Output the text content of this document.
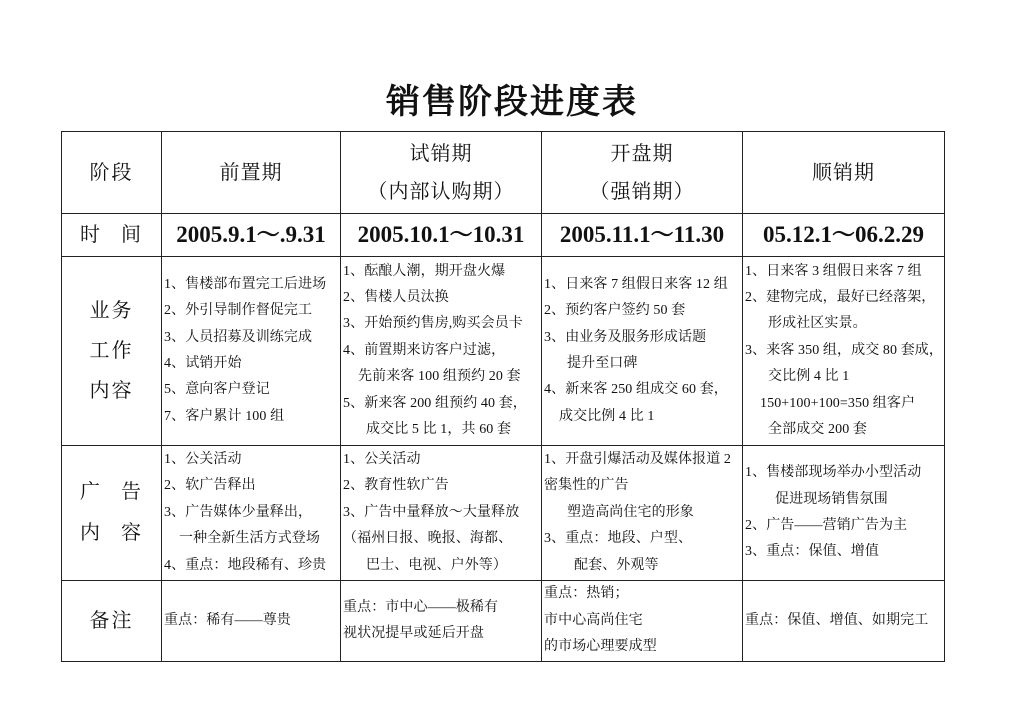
销售阶段进度表
阶段	前置期
试销期
（内部认购期）
开盘期
（强销期）
顺销期
时 间 2005.9.1～.9.31 2005.10.1～10.31 2005.11.1～11.30 05.12.1～06.2.29
业务
工作
内容
1、售楼部布置完工后进场
2、外引导制作督促完工
3、人员招募及训练完成
4、试销开始
5、意向客户登记
7、客户累计 100 组
1、酝酿人潮，期开盘火爆
2、售楼人员汰换
3、开始预约售房,购买会员卡
4、前置期来访客户过滤，
先前来客 100 组预约 20 套
5、新来客 200 组预约 40 套，
成交比 5 比 1，共 60 套
1、日来客 7 组假日来客 12 组
2、预约客户签约 50 套
3、由业务及服务形成话题
提升至口碑
4、新来客 250 组成交 60 套，
成交比例 4 比 1
1、日来客 3 组假日来客 7 组
2、建物完成，最好已经落架，
形成社区实景。
3、来客 350 组，成交 80 套成，
交比例 4 比 1
150+100+100=350 组客户
全部成交 200 套
广 告
内 容
1、公关活动
2、软广告释出
3、广告媒体少量释出，
一种全新生活方式登场
4、重点：地段稀有、珍贵
1、公关活动
2、教育性软广告
3、广告中量释放～大量释放
（福州日报、晚报、海都、
巴士、电视、户外等）
1、开盘引爆活动及媒体报道 2
密集性的广告
塑造高尚住宅的形象
3、重点：地段、户型、
配套、外观等
1、售楼部现场举办小型活动
促进现场销售氛围
2、广告——营销广告为主
3、重点：保值、增值
备注 重点：稀有——尊贵
重点：市中心——极稀有
视状况提早或延后开盘
重点：热销；
市中心高尚住宅
的市场心理要成型
重点：保值、增值、如期完工
